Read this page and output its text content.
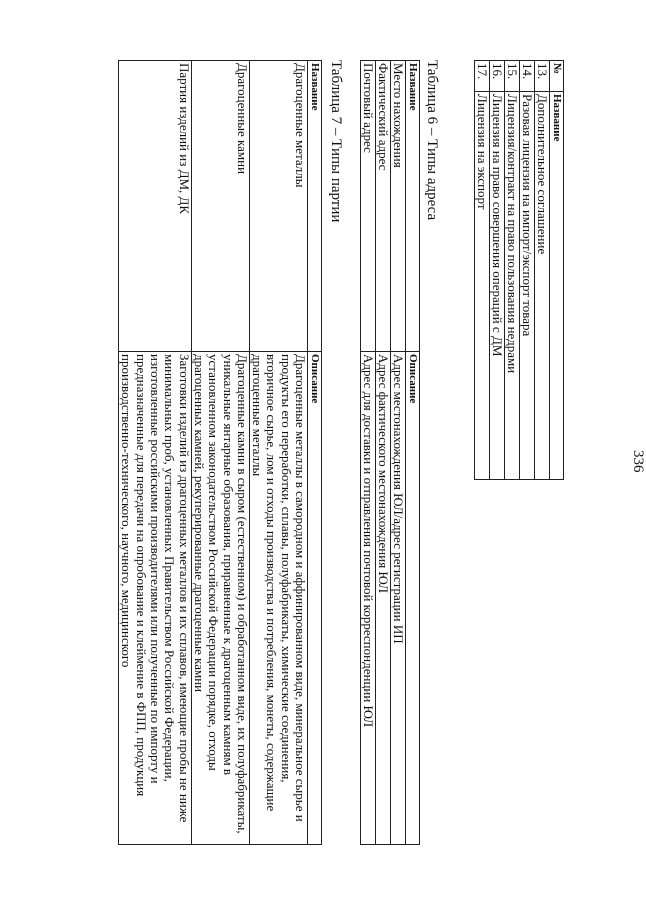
336
№	Название
13.	Дополнительное соглашение
14.	Разовая лицензия на импорт/экспорт товара
15.	Лицензия/контракт на право пользования недрами
16.	Лицензия на право совершения операций с ДМ
17.	Лицензия на экспорт
Таблица 6 – Типы адреса
Название	Описание
Место нахождения	Адрес местонахождения ЮЛ/адрес регистрации ИП
Фактический адрес	Адрес фактического местонахождения ЮЛ
Почтовый адрес	Адрес для доставки и отправления почтовой корреспонденции ЮЛ
Таблица 7 – Типы партии
Название	Описание
Драгоценные металлы	Драгоценные металлы в самородном и аффинированном виде, минеральное сырье и продукты его переработки, сплавы, полуфабрикаты, химические соединения, вторичное сырье, лом и отходы производства и потребления, монеты, содержащие драгоценные металлы
Драгоценные камни	Драгоценные камни в сыром (естественном) и обработанном виде, их полуфабрикаты, уникальные янтарные образования, приравненные к драгоценным камням в установленном законодательством Российской Федерации порядке, отходы драгоценных камней, рекуперированные драгоценные камни
Партия изделий из ДМ, ДК	Заготовки изделий из драгоценных металлов и их сплавов, имеющие пробы не ниже минимальных проб, установленных Правительством Российской Федерации, изготовленные российскими производителями или полученные по импорту и предназначенные для передачи на опробование и клеймение в ФПП, продукция производственно-технического, научного, медицинского
